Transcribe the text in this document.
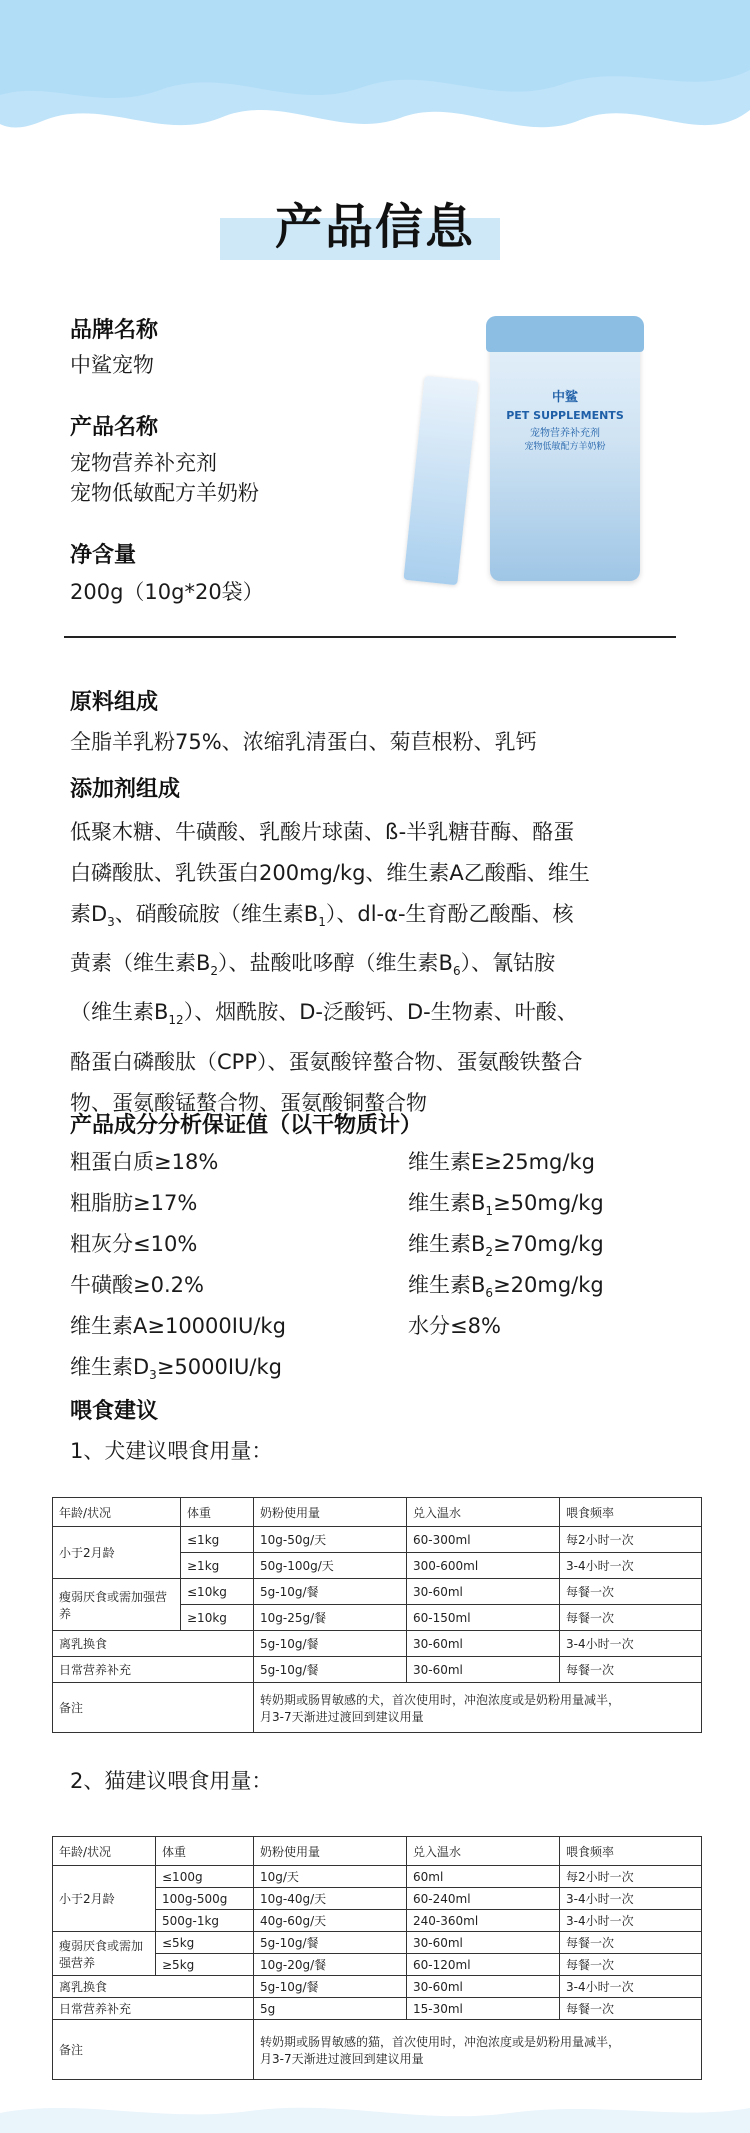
产品信息
品牌名称
中鲨宠物
产品名称
宠物营养补充剂
宠物低敏配方羊奶粉
净含量
200g（10g*20袋）
中鲨
PET SUPPLEMENTS
宠物营养补充剂
宠物低敏配方羊奶粉
原料组成
全脂羊乳粉75%、浓缩乳清蛋白、菊苣根粉、乳钙
添加剂组成
低聚木糖、牛磺酸、乳酸片球菌、ß-半乳糖苷酶、酪蛋
白磷酸肽、乳铁蛋白200mg/kg、维生素A乙酸酯、维生
素$D_3$、硝酸硫胺（维生素$B_1$）、dl-α-生育酚乙酸酯、核
黄素（维生素$B_2$）、盐酸吡哆醇（维生素$B_6$）、氰钴胺
（维生素$B_{12}$）、烟酰胺、D-泛酸钙、D-生物素、叶酸、
酪蛋白磷酸肽（CPP）、蛋氨酸锌螯合物、蛋氨酸铁螯合
物、蛋氨酸锰螯合物、蛋氨酸铜螯合物
产品成分分析保证值（以干物质计）
粗蛋白质≥18%
粗脂肪≥17%
粗灰分≤10%
牛磺酸≥0.2%
维生素A≥10000IU/kg
维生素$D_3\ge 5000IU/kg$
维生素E≥25mg/kg
维生素$B_1\ge 50mg/kg$
维生素$B_2\ge 70mg/kg$
维生素$B_6\ge 20mg/kg$
水分≤8%
喂食建议
1、犬建议喂食用量：
年龄/状况	体重	奶粉使用量	兑入温水	喂食频率
小于2月龄	≤1kg	10g-50g/天	60-300ml	每2小时一次
	≥1kg	50g-100g/天	300-600ml	3-4小时一次
瘦弱厌食或需加强营养	≤10kg	5g-10g/餐	30-60ml	每餐一次
	≥10kg	10g-25g/餐	60-150ml	每餐一次
离乳换食		5g-10g/餐	30-60ml	3-4小时一次
日常营养补充		5g-10g/餐	30-60ml	每餐一次
备注		转奶期或肠胃敏感的犬，首次使用时，冲泡浓度或是奶粉用量减半，
月3-7天渐进过渡回到建议用量		
2、猫建议喂食用量：
年龄/状况	体重	奶粉使用量	兑入温水	喂食频率
小于2月龄	≤100g	10g/天	60ml	每2小时一次
	100g-500g	10g-40g/天	60-240ml	3-4小时一次
	500g-1kg	40g-60g/天	240-360ml	3-4小时一次
瘦弱厌食或需加强营养	≤5kg	5g-10g/餐	30-60ml	每餐一次
	≥5kg	10g-20g/餐	60-120ml	每餐一次
离乳换食		5g-10g/餐	30-60ml	3-4小时一次
日常营养补充		5g	15-30ml	每餐一次
备注		转奶期或肠胃敏感的猫，首次使用时，冲泡浓度或是奶粉用量减半，
月3-7天渐进过渡回到建议用量		
